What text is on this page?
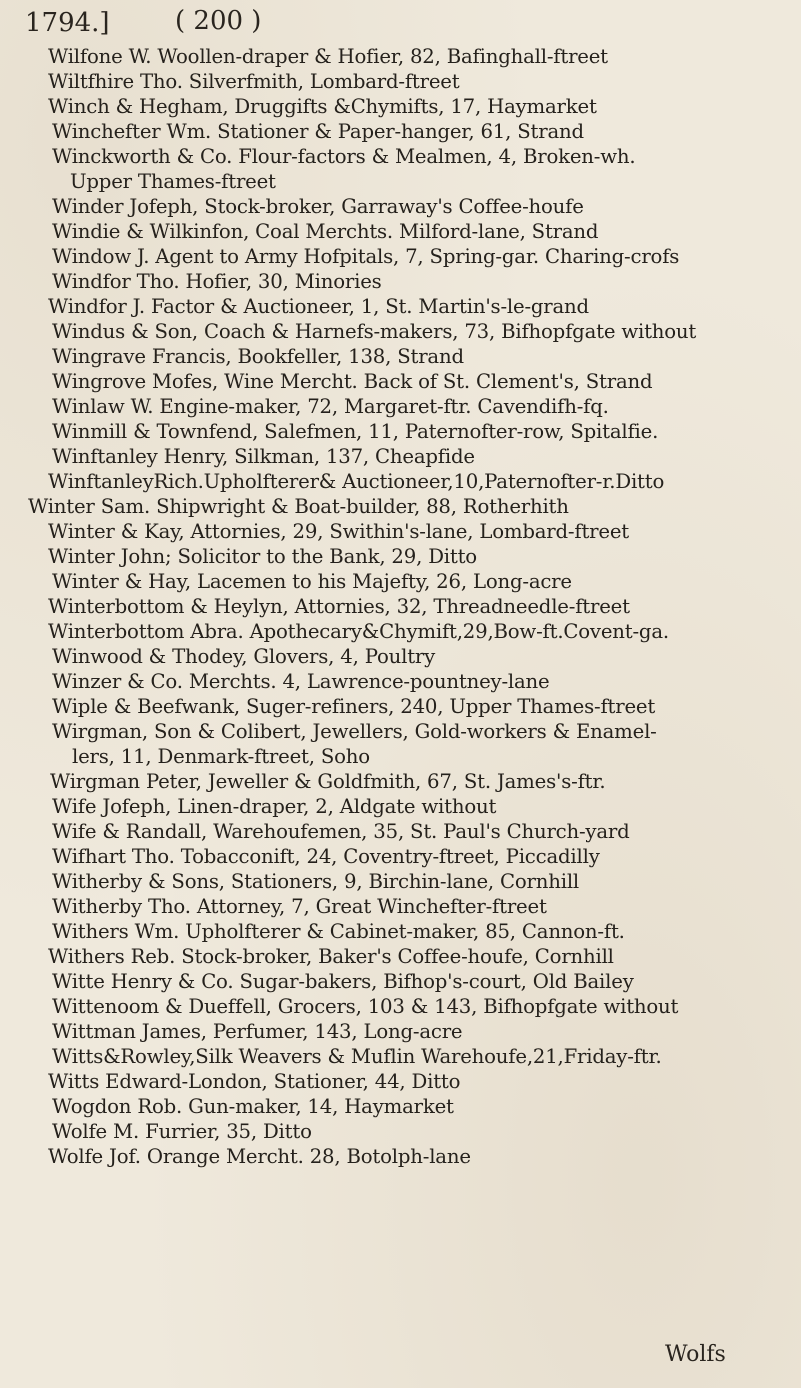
1794.]	( 200 )
Wilfone W. Woollen-draper & Hofier, 82, Bafinghall-ftreet
Wiltfhire Tho. Silverfmith, Lombard-ftreet
Winch & Hegham, Druggifts &Chymifts, 17, Haymarket
Winchefter Wm. Stationer & Paper-hanger, 61, Strand
Winckworth & Co. Flour-factors & Mealmen, 4, Broken-wh.
Upper Thames-ftreet
Winder Jofeph, Stock-broker, Garraway's Coffee-houfe
Windie & Wilkinfon, Coal Merchts. Milford-lane, Strand
Window J. Agent to Army Hofpitals, 7, Spring-gar. Charing-crofs
Windfor Tho. Hofier, 30, Minories
Windfor J. Factor & Auctioneer, 1, St. Martin's-le-grand
Windus & Son, Coach & Harnefs-makers, 73, Bifhopfgate without
Wingrave Francis, Bookfeller, 138, Strand
Wingrove Mofes, Wine Mercht. Back of St. Clement's, Strand
Winlaw W. Engine-maker, 72, Margaret-ftr. Cavendifh-fq.
Winmill & Townfend, Salefmen, 11, Paternofter-row, Spitalfie.
Winftanley Henry, Silkman, 137, Cheapfide
WinftanleyRich.Upholfterer& Auctioneer,10,Paternofter-r.Ditto
Winter Sam. Shipwright & Boat-builder, 88, Rotherhith
Winter & Kay, Attornies, 29, Swithin's-lane, Lombard-ftreet
Winter John; Solicitor to the Bank, 29, Ditto
Winter & Hay, Lacemen to his Majefty, 26, Long-acre
Winterbottom & Heylyn, Attornies, 32, Threadneedle-ftreet
Winterbottom Abra. Apothecary&Chymift,29,Bow-ft.Covent-ga.
Winwood & Thodey, Glovers, 4, Poultry
Winzer & Co. Merchts. 4, Lawrence-pountney-lane
Wiple & Beefwank, Suger-refiners, 240, Upper Thames-ftreet
Wirgman, Son & Colibert, Jewellers, Gold-workers & Enamel-
lers, 11, Denmark-ftreet, Soho
Wirgman Peter, Jeweller & Goldfmith, 67, St. James's-ftr.
Wife Jofeph, Linen-draper, 2, Aldgate without
Wife & Randall, Warehoufemen, 35, St. Paul's Church-yard
Wifhart Tho. Tobacconift, 24, Coventry-ftreet, Piccadilly
Witherby & Sons, Stationers, 9, Birchin-lane, Cornhill
Witherby Tho. Attorney, 7, Great Winchefter-ftreet
Withers Wm. Upholfterer & Cabinet-maker, 85, Cannon-ft.
Withers Reb. Stock-broker, Baker's Coffee-houfe, Cornhill
Witte Henry & Co. Sugar-bakers, Bifhop's-court, Old Bailey
Wittenoom & Dueffell, Grocers, 103 & 143, Bifhopfgate without
Wittman James, Perfumer, 143, Long-acre
Witts&Rowley,Silk Weavers & Muflin Warehoufe,21,Friday-ftr.
Witts Edward-London, Stationer, 44, Ditto
Wogdon Rob. Gun-maker, 14, Haymarket
Wolfe M. Furrier, 35, Ditto
Wolfe Jof. Orange Mercht. 28, Botolph-lane
Wolfs
